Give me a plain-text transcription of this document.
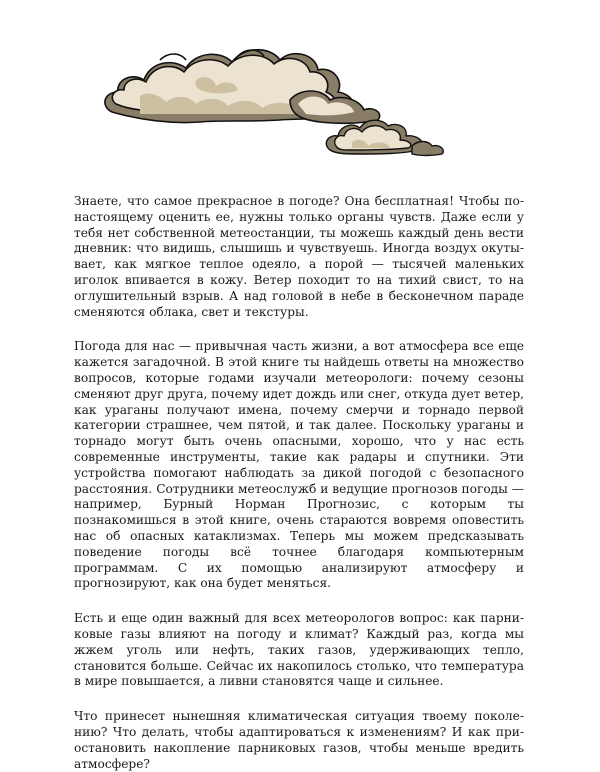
Знаете, что самое прекрасное в погоде? Она бесплатная! Чтобы по-настоящему оценить ее, нужны только органы чувств. Даже если у тебя нет собственной метеостанции, ты можешь каждый день вести дневник: что видишь, слышишь и чувствуешь. Иногда воздух окутывает, как мягкое теплое одеяло, а порой — тысячей маленьких иголок впивается в кожу. Ветер походит то на тихий свист, то на оглушительный взрыв. А над головой в небе в бесконечном параде сменяются облака, свет и текстуры.

Погода для нас — привычная часть жизни, а вот атмосфера все еще кажется загадочной. В этой книге ты найдешь ответы на множество вопросов, которые годами изучали метеорологи: почему сезоны сменяют друг друга, почему идет дождь или снег, откуда дует ветер, как ураганы получают имена, почему смерчи и торнадо первой категории страшнее, чем пятой, и так далее. Поскольку ураганы и торнадо могут быть очень опасными, хорошо, что у нас есть современные инструменты, такие как радары и спутники. Эти устройства помогают наблюдать за дикой погодой с безопасного расстояния. Сотрудники метеослужб и ведущие прогнозов погоды — например, Бурный Норман Прогнозис, с которым ты познакомишься в этой книге, очень стараются вовремя оповестить нас об опасных катаклизмах. Теперь мы можем предсказывать поведение погоды всё точнее благодаря компьютерным программам. С их помощью анализируют атмосферу и прогнозируют, как она будет меняться.

Есть и еще один важный для всех метеорологов вопрос: как парниковые газы влияют на погоду и климат? Каждый раз, когда мы жжем уголь или нефть, таких газов, удерживающих тепло, становится больше. Сейчас их накопилось столько, что температура в мире повышается, а ливни становятся чаще и сильнее.

Что принесет нынешняя климатическая ситуация твоему поколению? Что делать, чтобы адаптироваться к изменениям? И как приостановить накопление парниковых газов, чтобы меньше вредить атмосфере?
